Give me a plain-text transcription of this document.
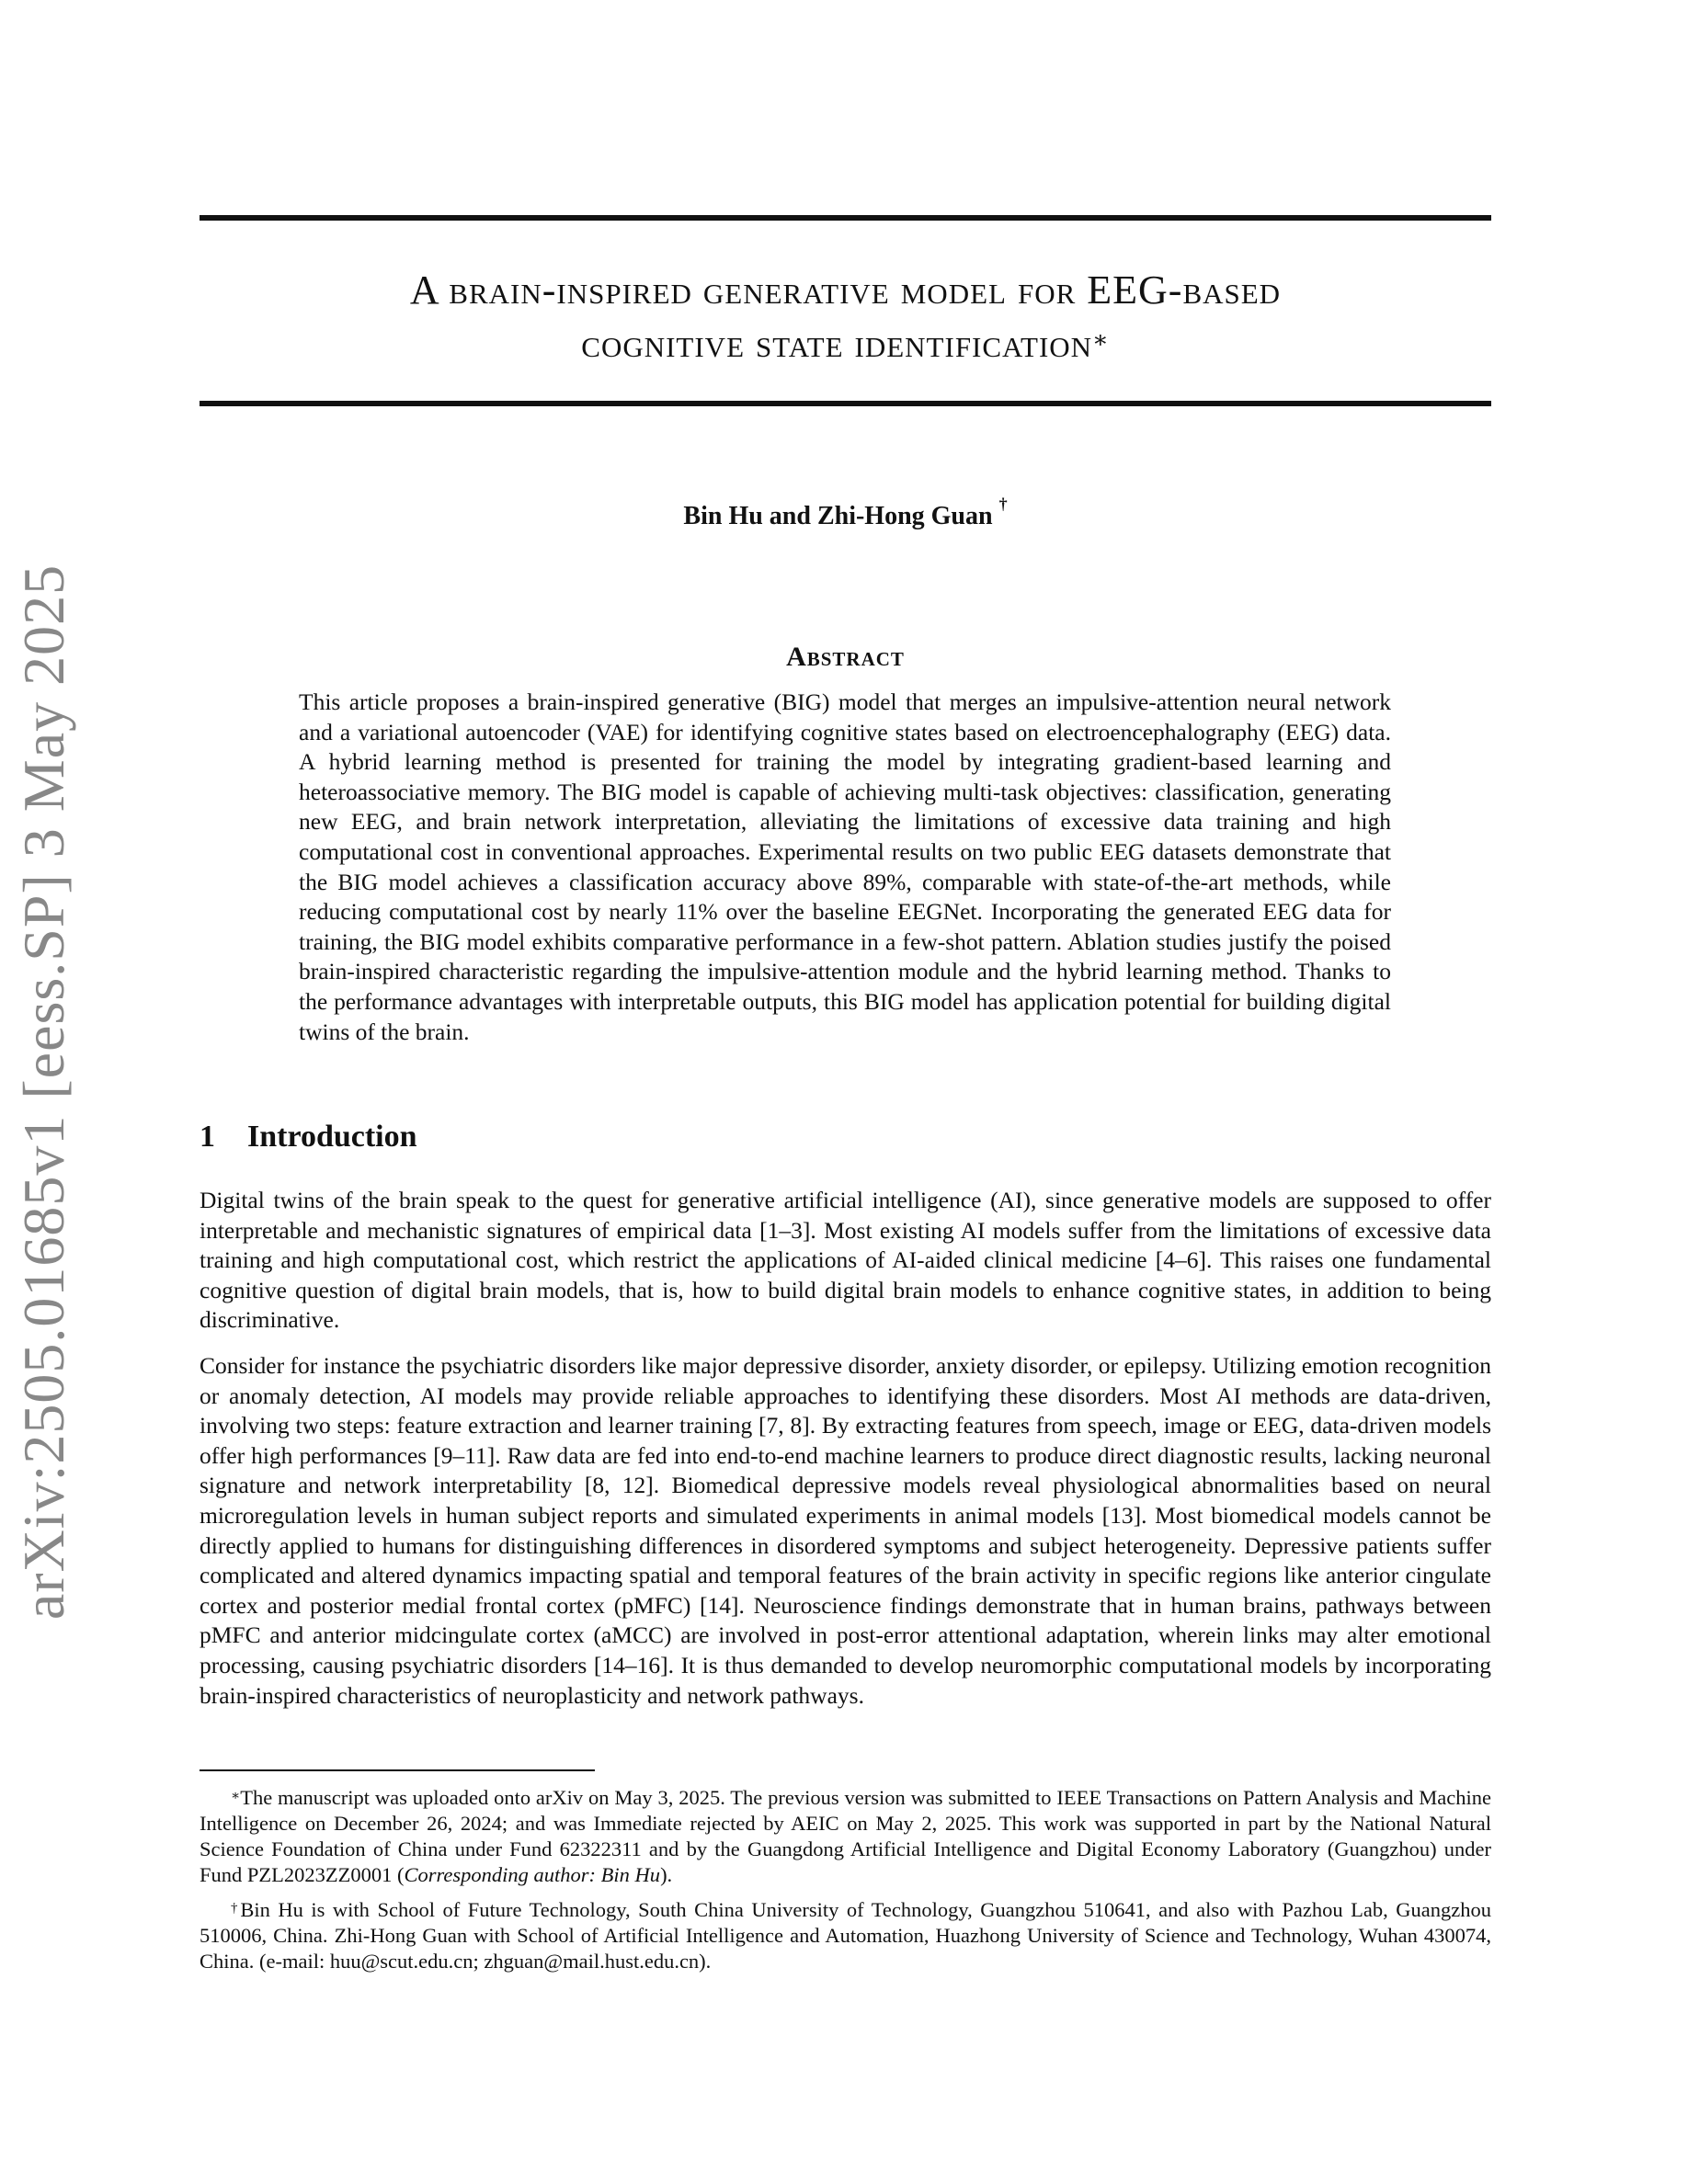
arXiv:2505.01685v1 [eess.SP] 3 May 2025
A brain-inspired generative model for EEG-based
cognitive state identification∗
Bin Hu and Zhi-Hong Guan †
Abstract
This article proposes a brain-inspired generative (BIG) model that merges an impulsive-attention neural network and a variational autoencoder (VAE) for identifying cognitive states based on electroencephalography (EEG) data. A hybrid learning method is presented for training the model by integrating gradient-based learning and heteroassociative memory. The BIG model is capable of achieving multi-task objectives: classification, generating new EEG, and brain network interpretation, alleviating the limitations of excessive data training and high computational cost in conventional approaches. Experimental results on two public EEG datasets demonstrate that the BIG model achieves a classification accuracy above 89%, comparable with state-of-the-art methods, while reducing computational cost by nearly 11% over the baseline EEGNet. Incorporating the generated EEG data for training, the BIG model exhibits comparative performance in a few-shot pattern. Ablation studies justify the poised brain-inspired characteristic regarding the impulsive-attention module and the hybrid learning method. Thanks to the performance advantages with interpretable outputs, this BIG model has application potential for building digital twins of the brain.
1 Introduction

Digital twins of the brain speak to the quest for generative artificial intelligence (AI), since generative models are supposed to offer interpretable and mechanistic signatures of empirical data [1–3]. Most existing AI models suffer from the limitations of excessive data training and high computational cost, which restrict the applications of AI-aided clinical medicine [4–6]. This raises one fundamental cognitive question of digital brain models, that is, how to build digital brain models to enhance cognitive states, in addition to being discriminative.

Consider for instance the psychiatric disorders like major depressive disorder, anxiety disorder, or epilepsy. Utilizing emotion recognition or anomaly detection, AI models may provide reliable approaches to identifying these disorders. Most AI methods are data-driven, involving two steps: feature extraction and learner training [7, 8]. By extracting features from speech, image or EEG, data-driven models offer high performances [9–11]. Raw data are fed into end-to-end machine learners to produce direct diagnostic results, lacking neuronal signature and network interpretability [8, 12]. Biomedical depressive models reveal physiological abnormalities based on neural microregulation levels in human subject reports and simulated experiments in animal models [13]. Most biomedical models cannot be directly applied to humans for distinguishing differences in disordered symptoms and subject heterogeneity. Depressive patients suffer complicated and altered dynamics impacting spatial and temporal features of the brain activity in specific regions like anterior cingulate cortex and posterior medial frontal cortex (pMFC) [14]. Neuroscience findings demonstrate that in human brains, pathways between pMFC and anterior midcingulate cortex (aMCC) are involved in post-error attentional adaptation, wherein links may alter emotional processing, causing psychiatric disorders [14–16]. It is thus demanded to develop neuromorphic computational models by incorporating brain-inspired characteristics of neuroplasticity and network pathways.

∗The manuscript was uploaded onto arXiv on May 3, 2025. The previous version was submitted to IEEE Transactions on Pattern Analysis and Machine Intelligence on December 26, 2024; and was Immediate rejected by AEIC on May 2, 2025. This work was supported in part by the National Natural Science Foundation of China under Fund 62322311 and by the Guangdong Artificial Intelligence and Digital Economy Laboratory (Guangzhou) under Fund PZL2023ZZ0001 (Corresponding author: Bin Hu).

†Bin Hu is with School of Future Technology, South China University of Technology, Guangzhou 510641, and also with Pazhou Lab, Guangzhou 510006, China. Zhi-Hong Guan with School of Artificial Intelligence and Automation, Huazhong University of Science and Technology, Wuhan 430074, China. (e-mail: huu@scut.edu.cn; zhguan@mail.hust.edu.cn).
